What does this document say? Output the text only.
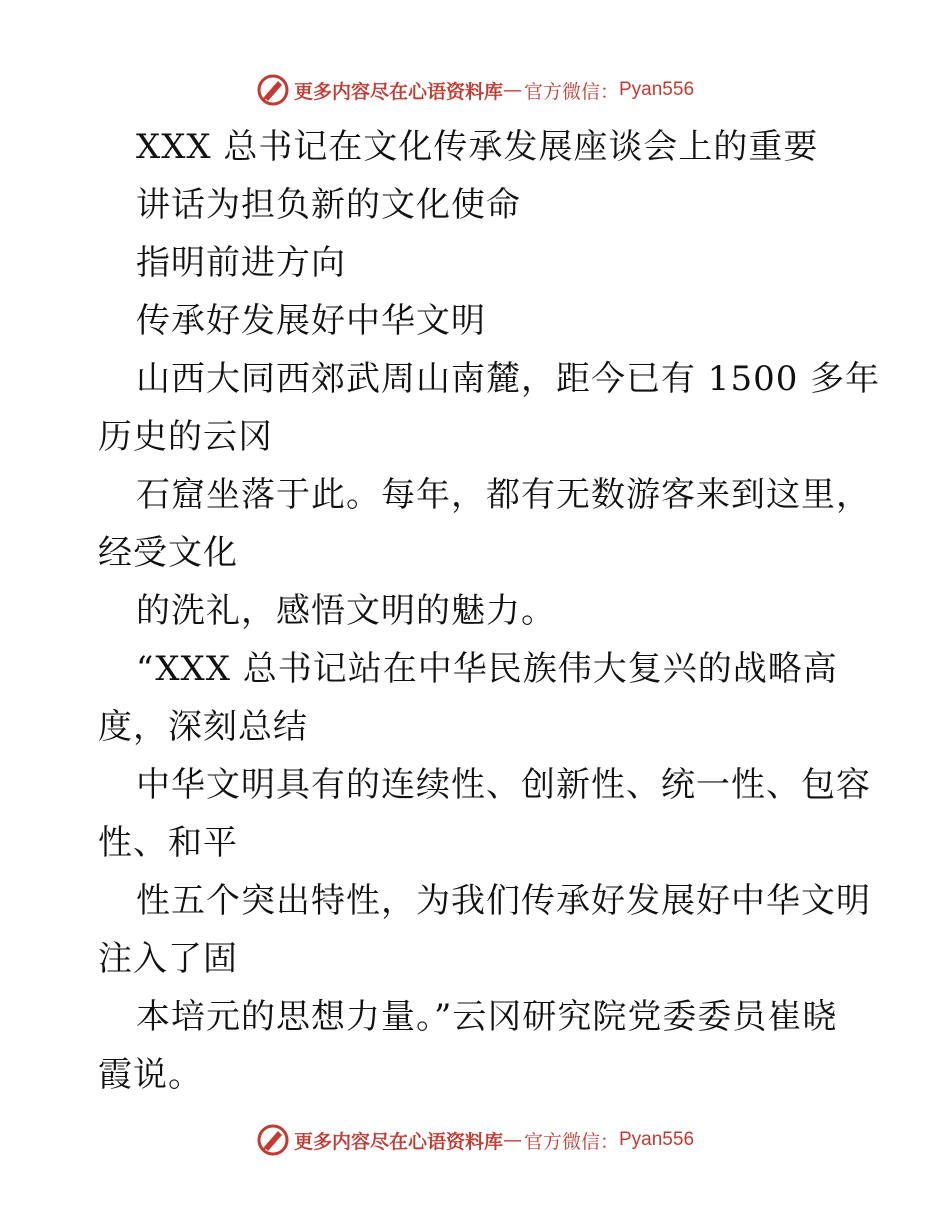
更多内容尽在心语资料库 — 官方微信： Pyan556

XXX 总书记在文化传承发展座谈会上的重要

讲话为担负新的文化使命

指明前进方向

传承好发展好中华文明

山西大同西郊武周山南麓，距今已有 1500 多年

历史的云冈

石窟坐落于此。每年，都有无数游客来到这里，

经受文化

的洗礼，感悟文明的魅力。

“XXX 总书记站在中华民族伟大复兴的战略高

度，深刻总结

中华文明具有的连续性、创新性、统一性、包容

性、和平

性五个突出特性，为我们传承好发展好中华文明

注入了固

本培元的思想力量。”云冈研究院党委委员崔晓

霞说。

更多内容尽在心语资料库 — 官方微信： Pyan556
